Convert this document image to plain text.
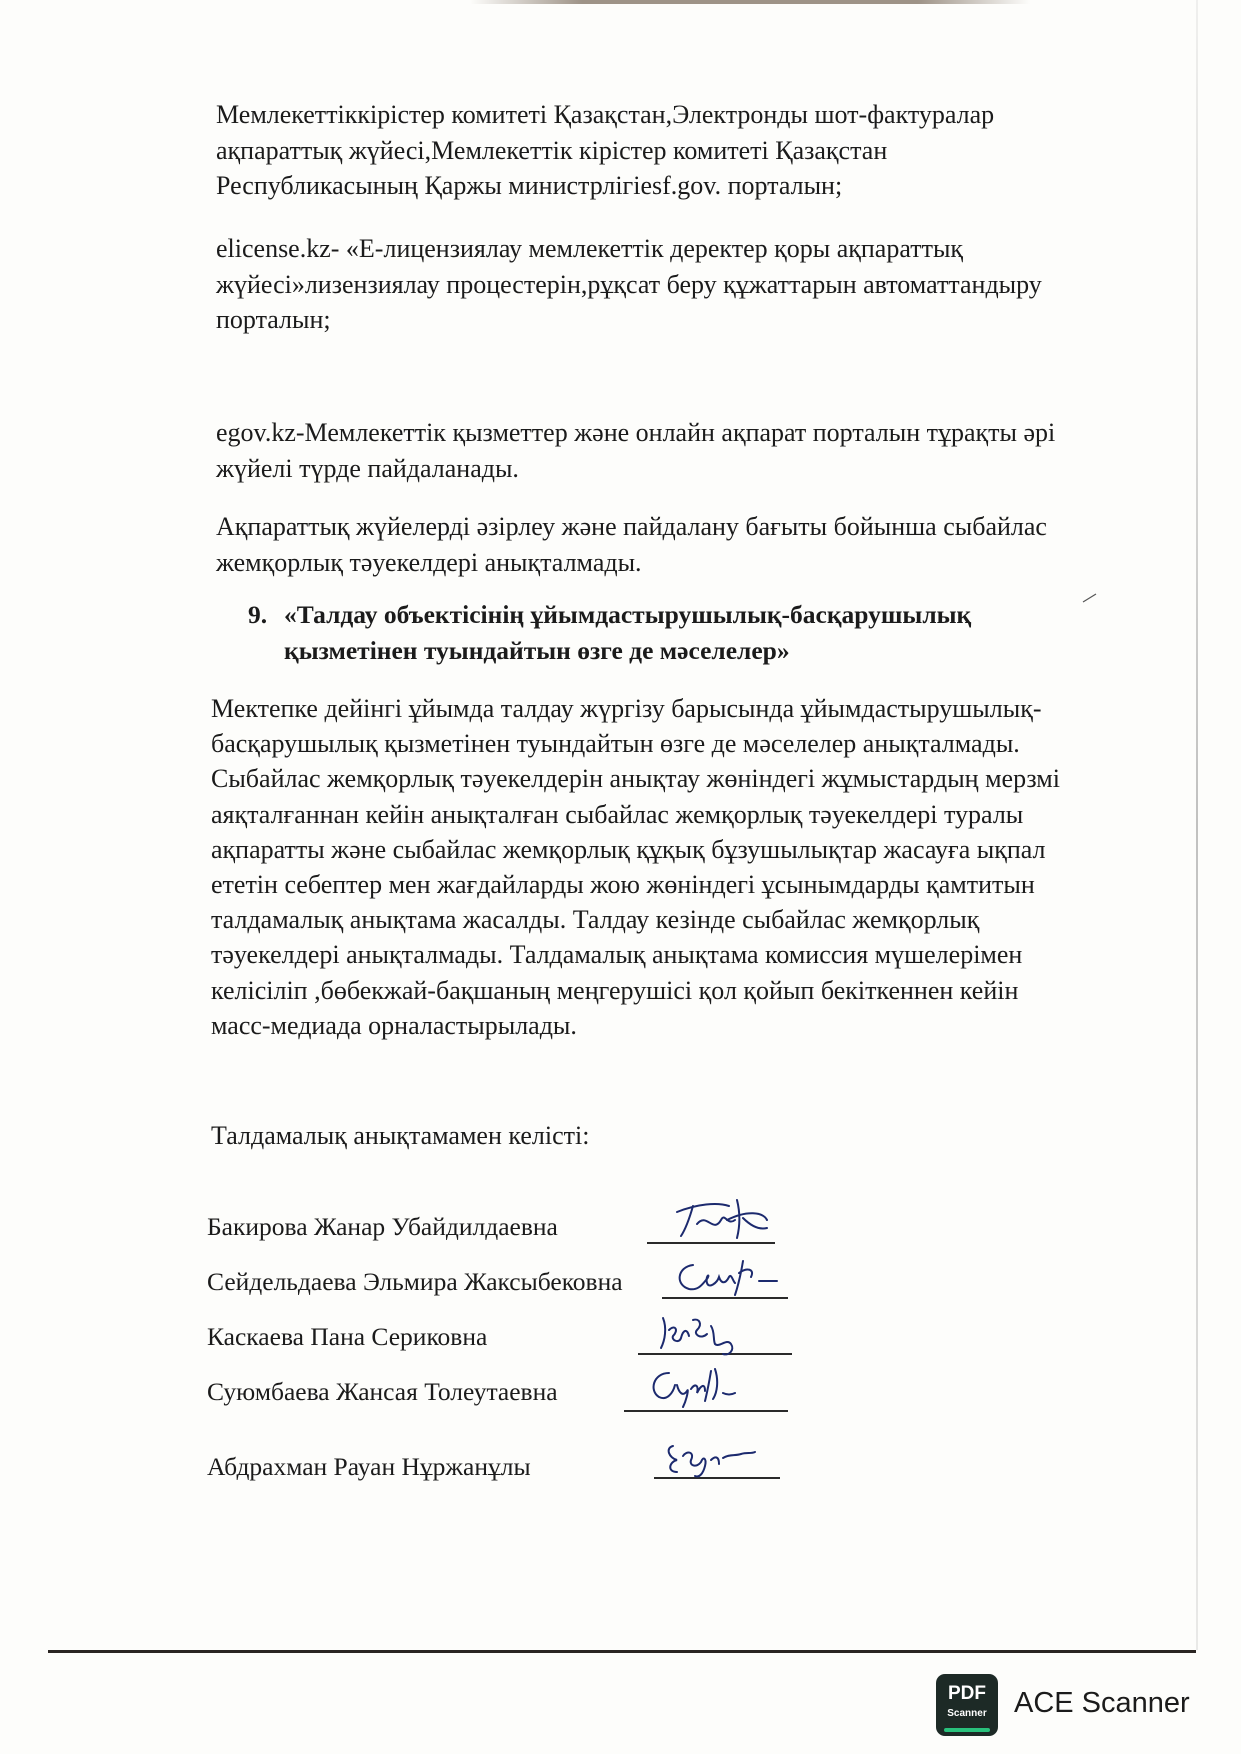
Мемлекеттіккірістер комитеті Қазақстан,Электронды шот-фактуралар
ақпараттық жүйесі,Мемлекеттік кірістер комитеті Қазақстан
Республикасының Қаржы министрлігіesf.gov. порталын;
elicense.kz- «Е-лицензиялау мемлекеттік деректер қоры ақпараттық
жүйесі»лизензиялау процестерін,рұқсат беру құжаттарын автоматтандыру
порталын;
egov.kz-Мемлекеттік қызметтер және онлайн ақпарат порталын тұрақты әрі
жүйелі түрде пайдаланады.
Ақпараттық жүйелерді әзірлеу және пайдалану бағыты бойынша сыбайлас
жемқорлық тәуекелдері анықталмады.
9. «Талдау объектісінің ұйымдастырушылық-басқарушылық
қызметінен туындайтын өзге де мәселелер»
Мектепке дейінгі ұйымда талдау жүргізу барысында ұйымдастырушылық-
басқарушылық қызметінен туындайтын өзге де мәселелер анықталмады.
Сыбайлас жемқорлық тәуекелдерін анықтау жөніндегі жұмыстардың мерзмі
аяқталғаннан кейін анықталған сыбайлас жемқорлық тәуекелдері туралы
ақпаратты және сыбайлас жемқорлық құқық бұзушылықтар жасауға ықпал
ететін себептер мен жағдайларды жою жөніндегі ұсынымдарды қамтитын
талдамалық анықтама жасалды. Талдау кезінде сыбайлас жемқорлық
тәуекелдері анықталмады. Талдамалық анықтама комиссия мүшелерімен
келісіліп ,бөбекжай-бақшаның меңгерушісі қол қойып бекіткеннен кейін
масс-медиада орналастырылады.
Талдамалық анықтамамен келісті:
Бакирова Жанар Убайдилдаевна
Сейдельдаева Эльмира Жаксыбековна
Каскаева Пана Сериковна
Суюмбаева Жансая Толеутаевна
Абдрахман Рауан Нұржанұлы
PDF
Scanner ACE Scanner
